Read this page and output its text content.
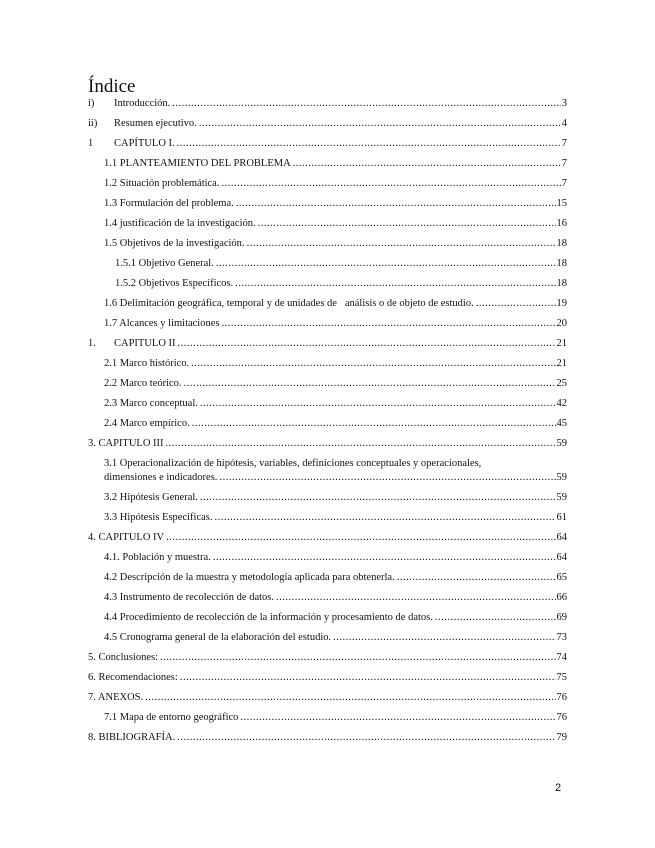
Índice
i)	Introducción. .....	3
ii)	Resumen ejecutivo. .....	4
1	CAPÍTULO I. .....	7
1.1 PLANTEAMIENTO DEL PROBLEMA .....	7
1.2 Situación problemática. .....	7
1.3 Formulación del problema. .....	15
1.4 justificación de la investigación. .....	16
1.5 Objetivos de la investigación. .....	18
1.5.1 Objetivo General. .....	18
1.5.2 Objetivos Específicos. .....	18
1.6 Delimitación geográfica, temporal y de unidades de   análisis o de objeto de estudio. .....	19
1.7 Alcances y limitaciones .....	20
1.	CAPITULO II .....	21
2.1 Marco histórico. .....	21
2.2 Marco teórico. .....	25
2.3 Marco conceptual. .....	42
2.4 Marco empírico. .....	45
3. CAPITULO III .....	59
3.1 Operacionalización de hipótesis, variables, definiciones conceptuales y operacionales,
dimensiones e indicadores. .....	59
3.2 Hipótesis General. .....	59
3.3 Hipótesis Especificas. .....	61
4. CAPITULO IV .....	64
4.1. Población y muestra. .....	64
4.2 Descripción de la muestra y metodología aplicada para obtenerla. .....	65
4.3 Instrumento de recolección de datos. .....	66
4.4 Procedimiento de recolección de la información y procesamiento de datos. .....	69
4.5 Cronograma general de la elaboración del estudio. .....	73
5. Conclusiones: .....	74
6. Recomendaciones: .....	75
7. ANEXOS. .....	76
7.1 Mapa de entorno geográfico .....	76
8. BIBLIOGRAFÍA. .....	79
2
